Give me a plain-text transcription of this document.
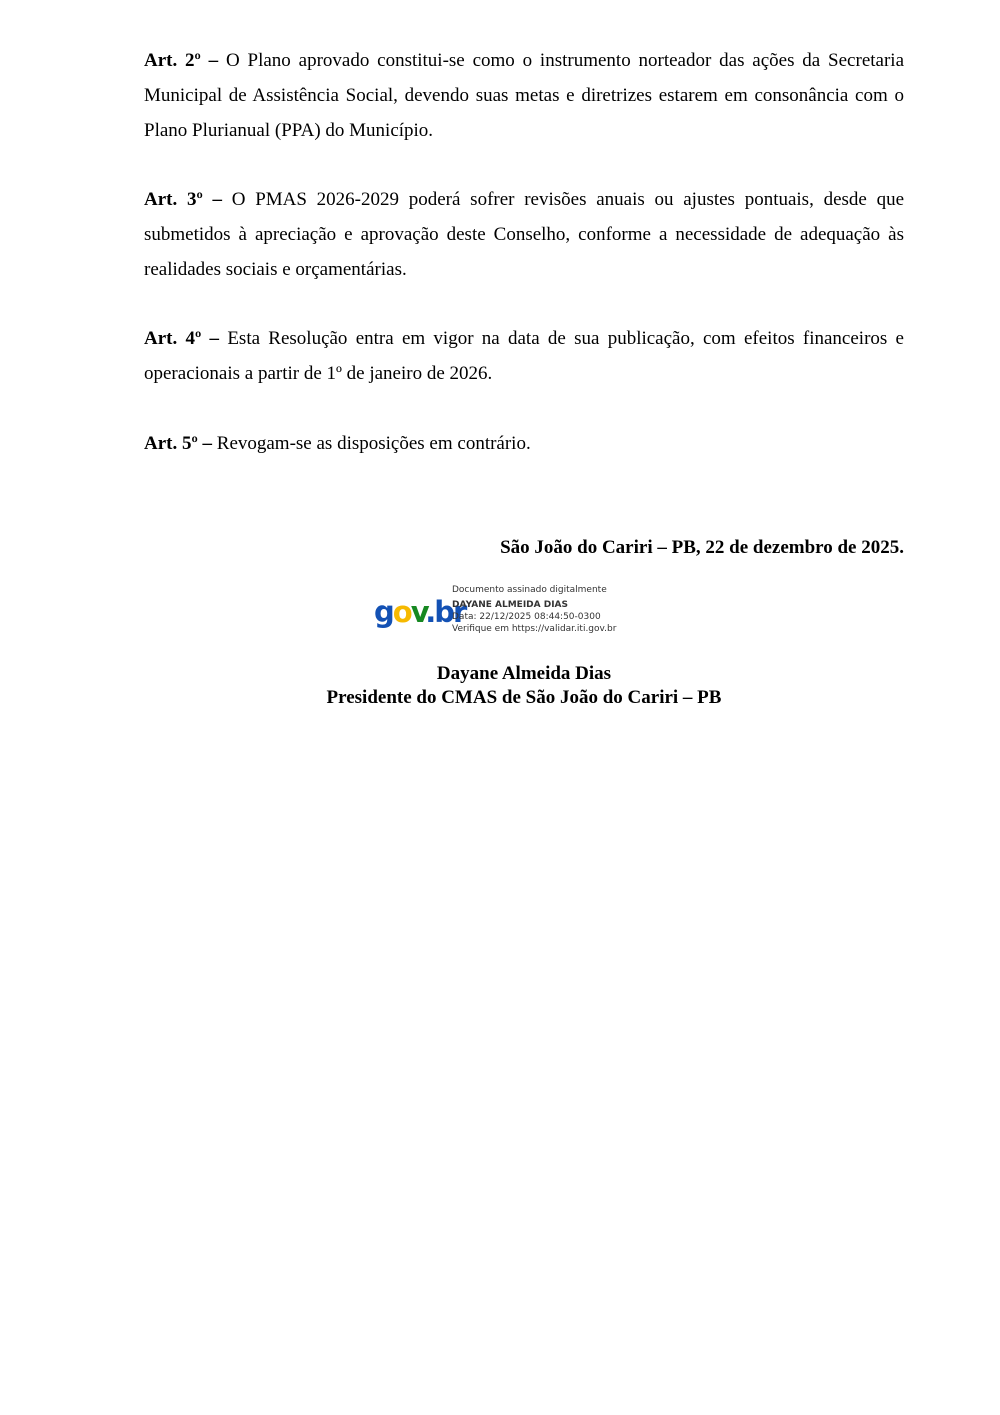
Art. 2º – O Plano aprovado constitui-se como o instrumento norteador das ações da Secretaria Municipal de Assistência Social, devendo suas metas e diretrizes estarem em consonância com o Plano Plurianual (PPA) do Município.

Art. 3º – O PMAS 2026-2029 poderá sofrer revisões anuais ou ajustes pontuais, desde que submetidos à apreciação e aprovação deste Conselho, conforme a necessidade de adequação às realidades sociais e orçamentárias.

Art. 4º – Esta Resolução entra em vigor na data de sua publicação, com efeitos financeiros e operacionais a partir de 1º de janeiro de 2026.

Art. 5º – Revogam-se as disposições em contrário.

São João do Cariri – PB, 22 de dezembro de 2025.
gov.br
Documento assinado digitalmente
DAYANE ALMEIDA DIAS
Data: 22/12/2025 08:44:50-0300
Verifique em https://validar.iti.gov.br
Dayane Almeida Dias
Presidente do CMAS de São João do Cariri – PB
